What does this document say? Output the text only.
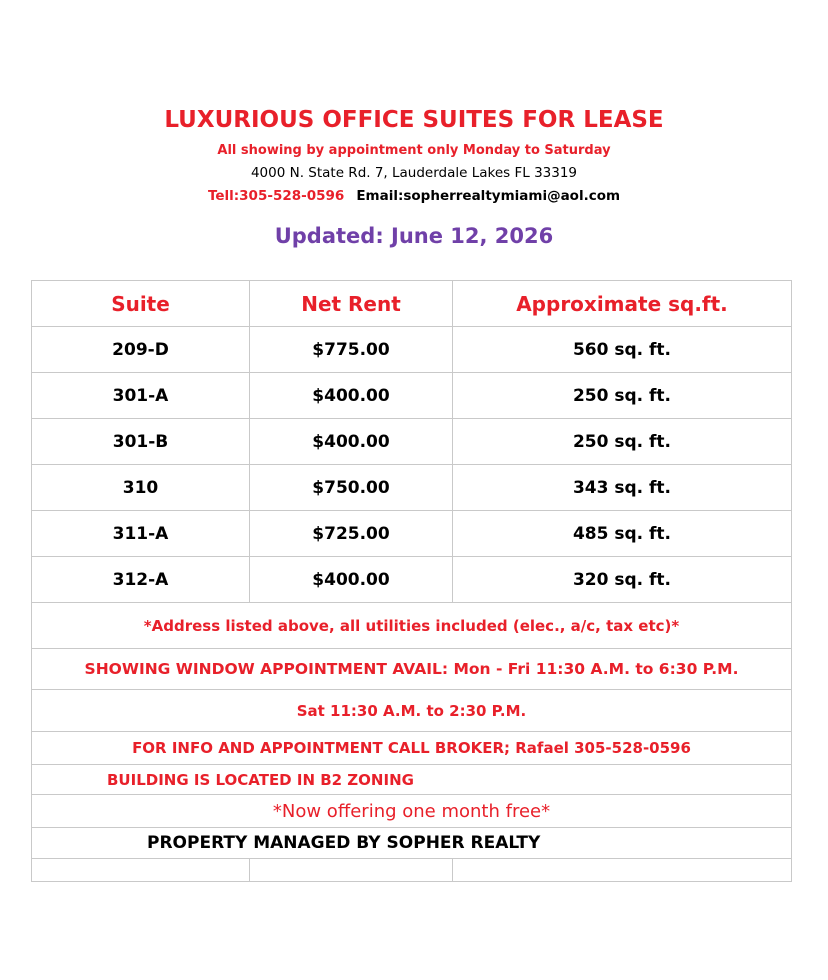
LUXURIOUS OFFICE SUITES FOR LEASE
All showing by appointment only Monday to Saturday
4000 N. State Rd. 7, Lauderdale Lakes FL 33319
Tell:305-528-0596 Email:sopherrealtymiami@aol.com
Updated: June 12, 2026
Suite	Net Rent	Approximate sq.ft.
209-D	$775.00	560 sq. ft.
301-A	$400.00	250 sq. ft.
301-B	$400.00	250 sq. ft.
310	$750.00	343 sq. ft.
311-A	$725.00	485 sq. ft.
312-A	$400.00	320 sq. ft.
*Address listed above, all utilities included (elec., a/c, tax etc)*		
SHOWING WINDOW APPOINTMENT AVAIL: Mon - Fri 11:30 A.M. to 6:30 P.M.		
Sat 11:30 A.M. to 2:30 P.M.		
FOR INFO AND APPOINTMENT CALL BROKER; Rafael 305-528-0596		
BUILDING IS LOCATED IN B2 ZONING		
*Now offering one month free*		
PROPERTY MANAGED BY SOPHER REALTY		
